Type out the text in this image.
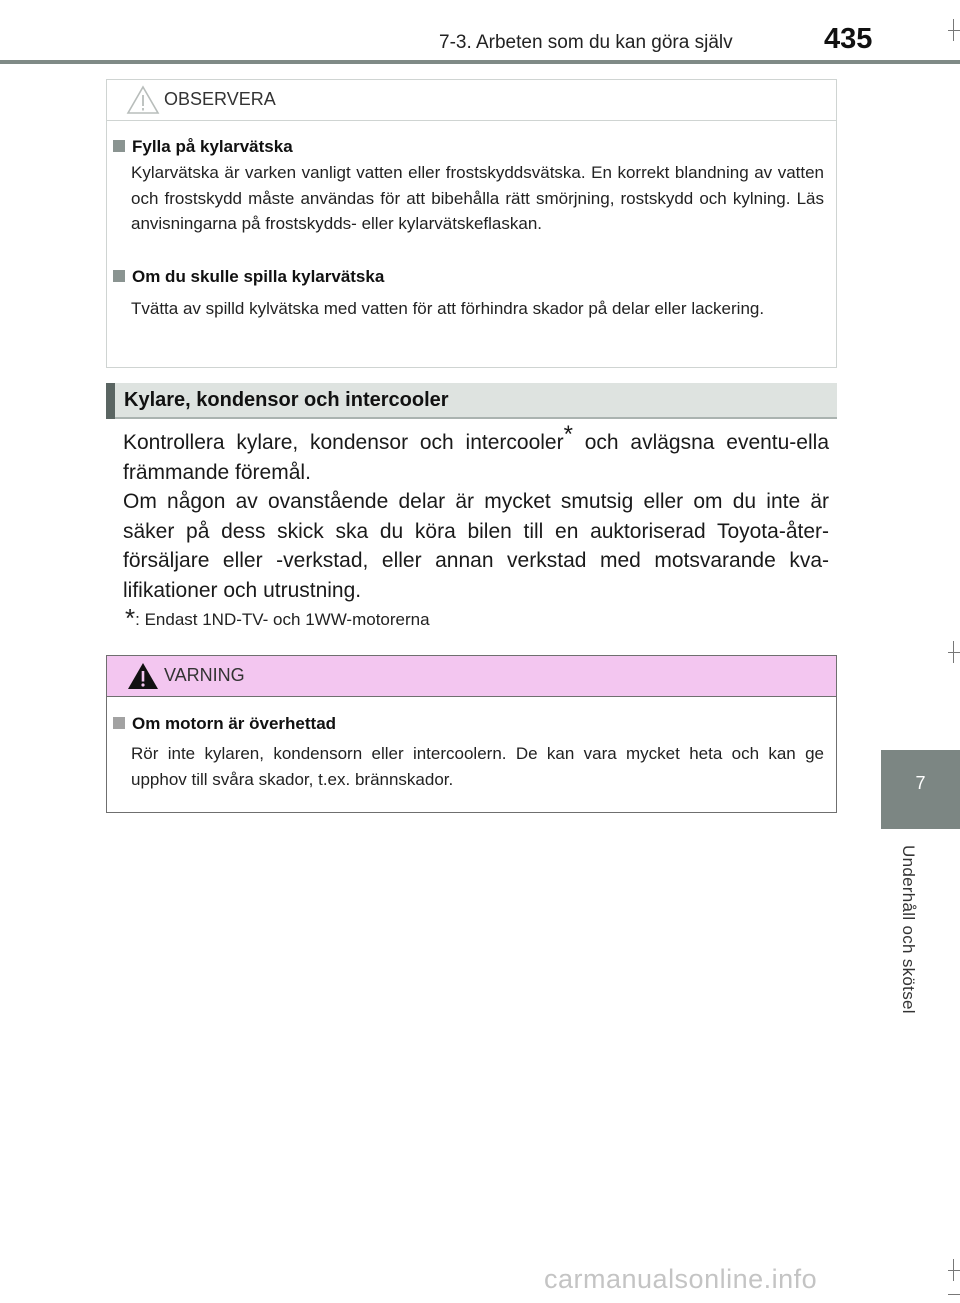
7-3. Arbeten som du kan göra själv	435
7
Underhåll och skötsel
OBSERVERA
Fylla på kylarvätska
Kylarvätska är varken vanligt vatten eller frostskyddsvätska. En korrekt blandning av vatten och frostskydd måste användas för att bibehålla rätt smörjning, rostskydd och kylning. Läs anvisningarna på frostskydds- eller kylarvätskeflaskan.
Om du skulle spilla kylarvätska
Tvätta av spilld kylvätska med vatten för att förhindra skador på delar eller lackering.
Kylare, kondensor och intercooler
Kontrollera kylare, kondensor och intercooler* och avlägsna eventu-ella främmande föremål.
Om någon av ovanstående delar är mycket smutsig eller om du inte är säker på dess skick ska du köra bilen till en auktoriserad Toyota-åter-försäljare eller -verkstad, eller annan verkstad med motsvarande kva-lifikationer och utrustning.
*: Endast 1ND-TV- och 1WW-motorerna
VARNING
Om motorn är överhettad
Rör inte kylaren, kondensorn eller intercoolern. De kan vara mycket heta och kan ge upphov till svåra skador, t.ex. brännskador.
carmanualsonline.info
